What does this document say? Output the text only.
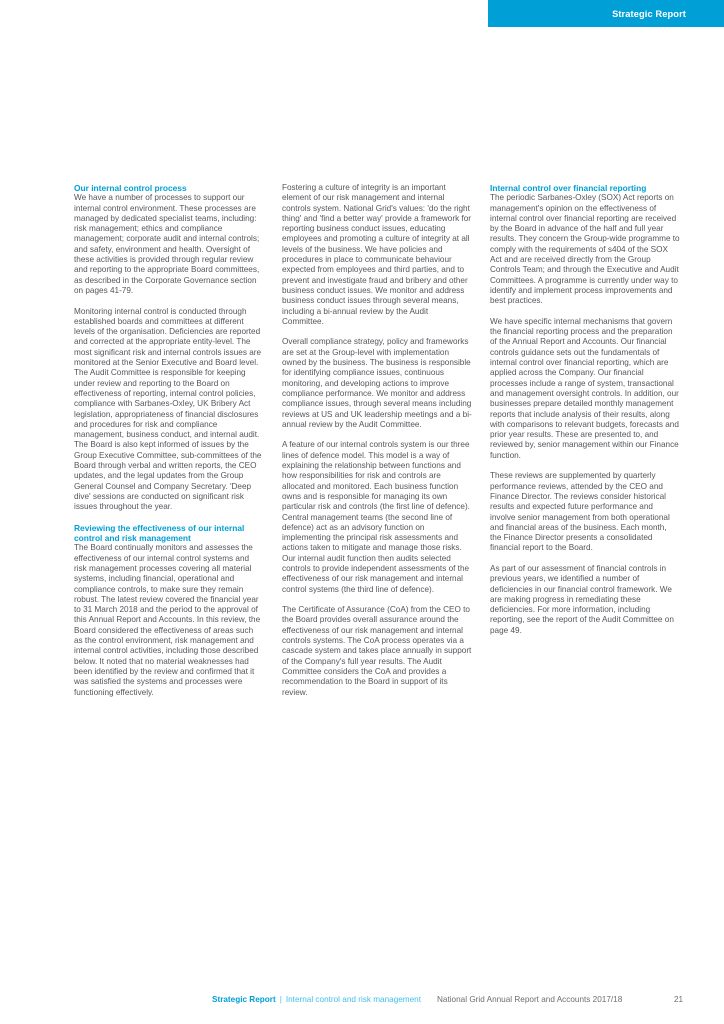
Strategic Report
Our internal control process

We have a number of processes to support our internal control environment. These processes are managed by dedicated specialist teams, including: risk management; ethics and compliance management; corporate audit and internal controls; and safety, environment and health. Oversight of these activities is provided through regular review and reporting to the appropriate Board committees, as described in the Corporate Governance section on pages 41-79.

Monitoring internal control is conducted through established boards and committees at different levels of the organisation. Deficiencies are reported and corrected at the appropriate entity-level. The most significant risk and internal controls issues are monitored at the Senior Executive and Board level. The Audit Committee is responsible for keeping under review and reporting to the Board on effectiveness of reporting, internal control policies, compliance with Sarbanes-Oxley, UK Bribery Act legislation, appropriateness of financial disclosures and procedures for risk and compliance management, business conduct, and internal audit. The Board is also kept informed of issues by the Group Executive Committee, sub-committees of the Board through verbal and written reports, the CEO updates, and the legal updates from the Group General Counsel and Company Secretary. 'Deep dive' sessions are conducted on significant risk issues throughout the year.

Reviewing the effectiveness of our internal control and risk management

The Board continually monitors and assesses the effectiveness of our internal control systems and risk management processes covering all material systems, including financial, operational and compliance controls, to make sure they remain robust. The latest review covered the financial year to 31 March 2018 and the period to the approval of this Annual Report and Accounts. In this review, the Board considered the effectiveness of areas such as the control environment, risk management and internal control activities, including those described below. It noted that no material weaknesses had been identified by the review and confirmed that it was satisfied the systems and processes were functioning effectively.

Fostering a culture of integrity is an important element of our risk management and internal controls system. National Grid's values: 'do the right thing' and 'find a better way' provide a framework for reporting business conduct issues, educating employees and promoting a culture of integrity at all levels of the business. We have policies and procedures in place to communicate behaviour expected from employees and third parties, and to prevent and investigate fraud and bribery and other business conduct issues. We monitor and address business conduct issues through several means, including a bi-annual review by the Audit Committee.

Overall compliance strategy, policy and frameworks are set at the Group-level with implementation owned by the business. The business is responsible for identifying compliance issues, continuous monitoring, and developing actions to improve compliance performance. We monitor and address compliance issues, through several means including reviews at US and UK leadership meetings and a bi-annual review by the Audit Committee.

A feature of our internal controls system is our three lines of defence model. This model is a way of explaining the relationship between functions and how responsibilities for risk and controls are allocated and monitored. Each business function owns and is responsible for managing its own particular risk and controls (the first line of defence). Central management teams (the second line of defence) act as an advisory function on implementing the principal risk assessments and actions taken to mitigate and manage those risks. Our internal audit function then audits selected controls to provide independent assessments of the effectiveness of our risk management and internal control systems (the third line of defence).

The Certificate of Assurance (CoA) from the CEO to the Board provides overall assurance around the effectiveness of our risk management and internal controls systems. The CoA process operates via a cascade system and takes place annually in support of the Company's full year results. The Audit Committee considers the CoA and provides a recommendation to the Board in support of its review.

Internal control over financial reporting

The periodic Sarbanes-Oxley (SOX) Act reports on management's opinion on the effectiveness of internal control over financial reporting are received by the Board in advance of the half and full year results. They concern the Group-wide programme to comply with the requirements of s404 of the SOX Act and are received directly from the Group Controls Team; and through the Executive and Audit Committees. A programme is currently under way to identify and implement process improvements and best practices.

We have specific internal mechanisms that govern the financial reporting process and the preparation of the Annual Report and Accounts. Our financial controls guidance sets out the fundamentals of internal control over financial reporting, which are applied across the Company. Our financial processes include a range of system, transactional and management oversight controls. In addition, our businesses prepare detailed monthly management reports that include analysis of their results, along with comparisons to relevant budgets, forecasts and prior year results. These are presented to, and reviewed by, senior management within our Finance function.

These reviews are supplemented by quarterly performance reviews, attended by the CEO and Finance Director. The reviews consider historical results and expected future performance and involve senior management from both operational and financial areas of the business. Each month, the Finance Director presents a consolidated financial report to the Board.

As part of our assessment of financial controls in previous years, we identified a number of deficiencies in our financial control framework. We are making progress in remediating these deficiencies. For more information, including reporting, see the report of the Audit Committee on page 49.

Strategic Report | Internal control and risk management National Grid Annual Report and Accounts 2017/18	21
